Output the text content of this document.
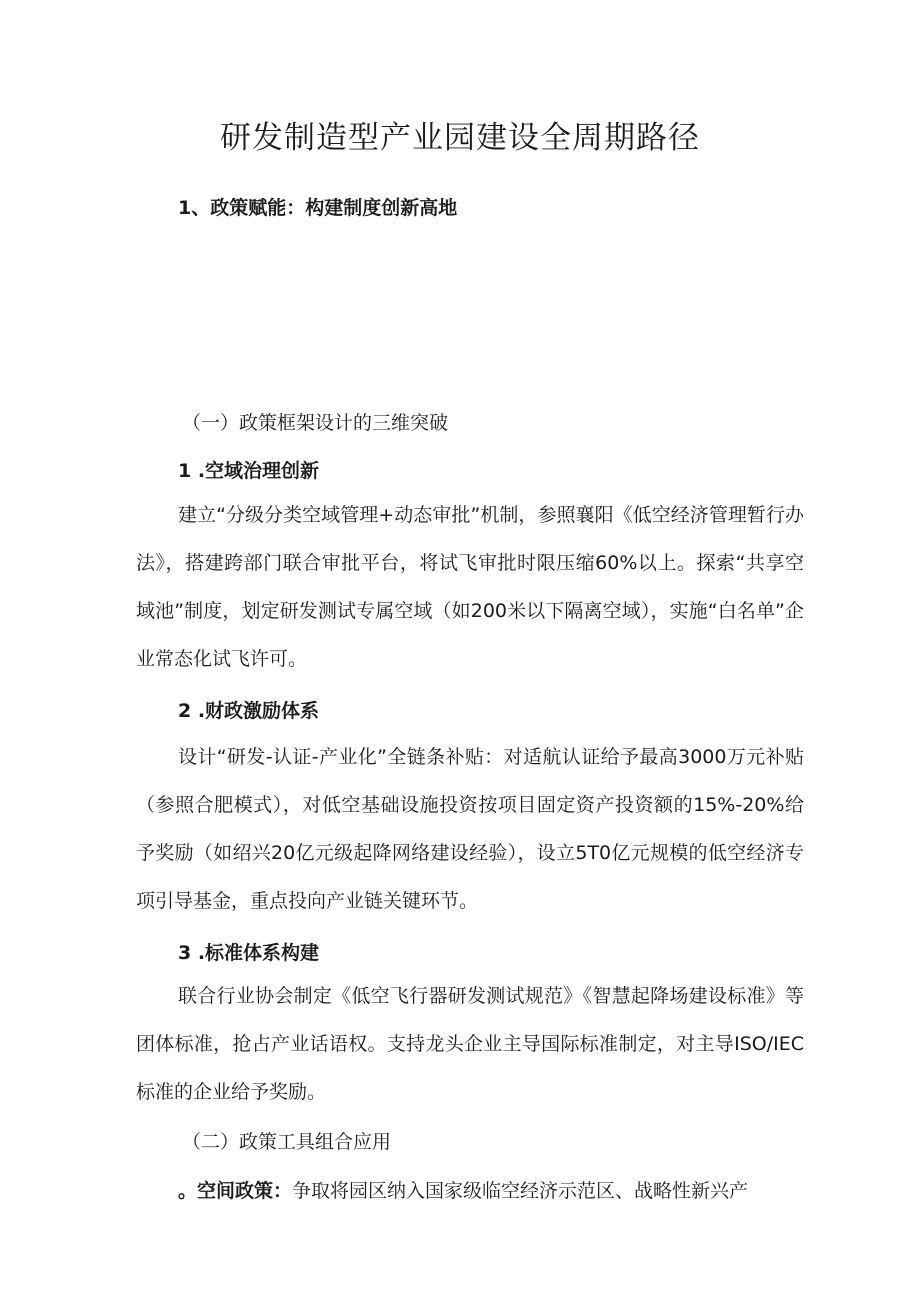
研发制造型产业园建设全周期路径
1、政策赋能：构建制度创新高地
（一）政策框架设计的三维突破
1 .空域治理创新

建立“分级分类空域管理+动态审批”机制，参照襄阳《低空经济管理暂行办法》，搭建跨部门联合审批平台，将试飞审批时限压缩60%以上。探索“共享空域池”制度，划定研发测试专属空域（如200米以下隔离空域），实施“白名单”企业常态化试飞许可。

2 .财政激励体系

设计“研发-认证-产业化”全链条补贴：对适航认证给予最高3000万元补贴（参照合肥模式），对低空基础设施投资按项目固定资产投资额的15%-20%给予奖励（如绍兴20亿元级起降网络建设经验），设立5T0亿元规模的低空经济专项引导基金，重点投向产业链关键环节。

3 .标准体系构建

联合行业协会制定《低空飞行器研发测试规范》《智慧起降场建设标准》等团体标准，抢占产业话语权。支持龙头企业主导国际标准制定，对主导ISO/IEC标准的企业给予奖励。

（二）政策工具组合应用
。空间政策：争取将园区纳入国家级临空经济示范区、战略性新兴产
